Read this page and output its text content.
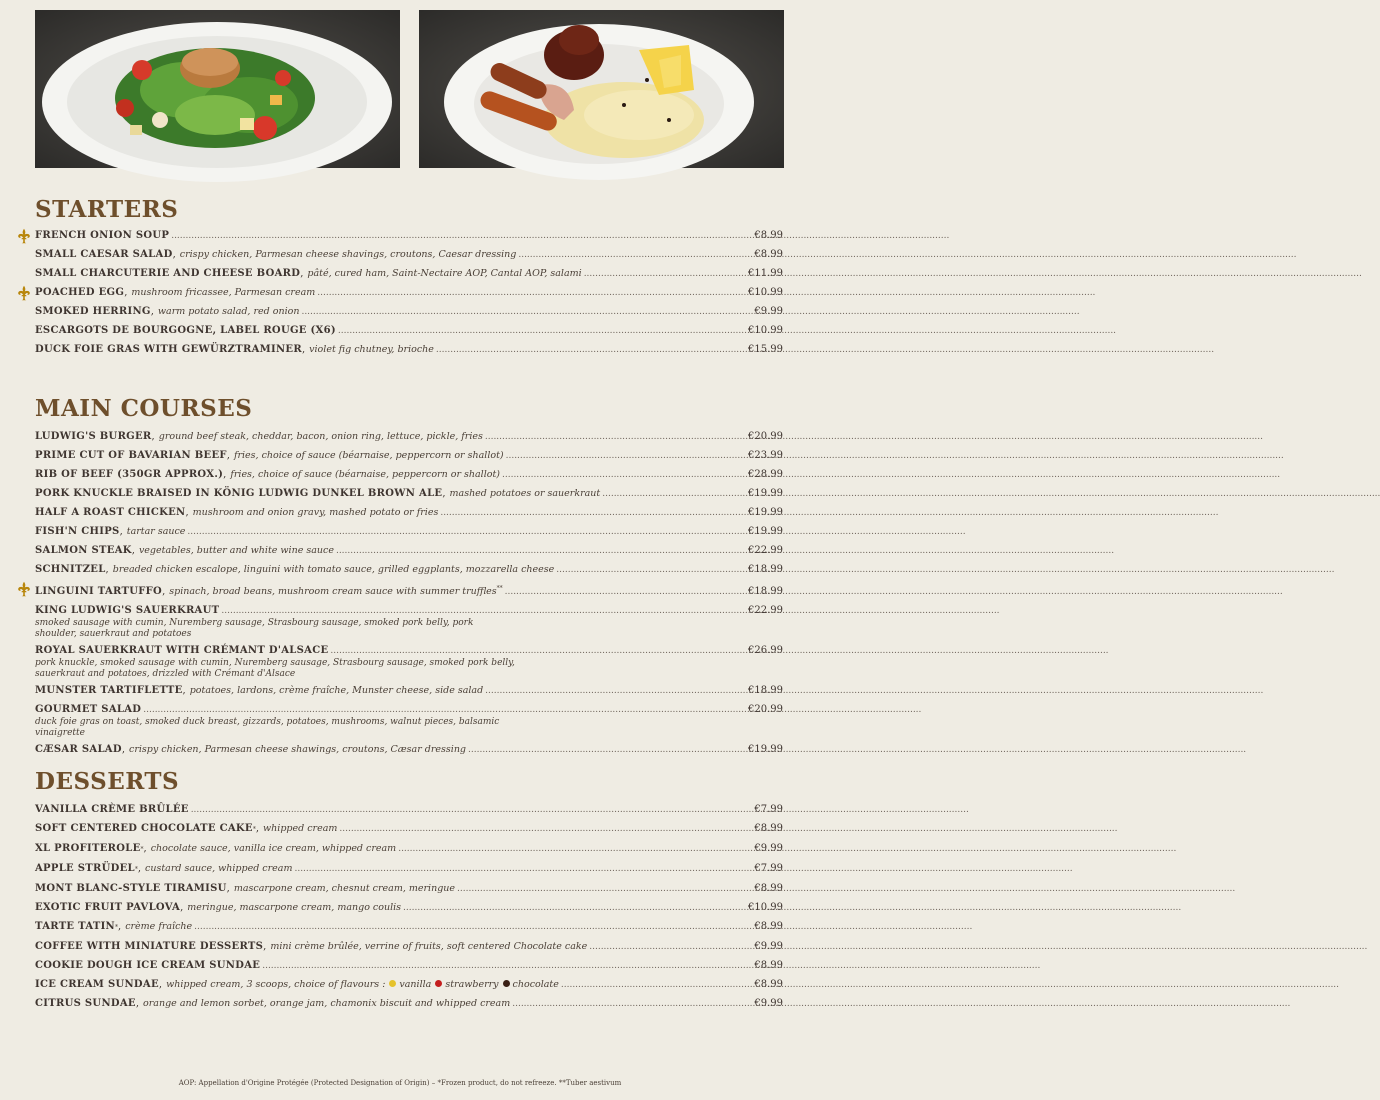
STARTERS
FRENCH ONION SOUP .....	€8.99
SMALL CAESAR SALAD , crispy chicken, Parmesan cheese shavings, croutons, Caesar dressing .....	€8.99
SMALL CHARCUTERIE AND CHEESE BOARD , pâté, cured ham, Saint-Nectaire AOP, Cantal AOP, salami .....	€11.99
POACHED EGG , mushroom fricassee, Parmesan cream .....	€10.99
SMOKED HERRING , warm potato salad, red onion .....	€9.99
ESCARGOTS DE BOURGOGNE, LABEL ROUGE (X6) .....	€10.99
DUCK FOIE GRAS WITH GEWÜRZTRAMINER , violet fig chutney, brioche .....	€15.99
MAIN COURSES
LUDWIG'S BURGER , ground beef steak, cheddar, bacon, onion ring, lettuce, pickle, fries .....	€20.99
PRIME CUT OF BAVARIAN BEEF , fries, choice of sauce (béarnaise, peppercorn or shallot) .....	€23.99
RIB OF BEEF (350GR APPROX.) , fries, choice of sauce (béarnaise, peppercorn or shallot) .....	€28.99
PORK KNUCKLE BRAISED IN KÖNIG LUDWIG DUNKEL BROWN ALE , mashed potatoes or sauerkraut .....	€19.99
HALF A ROAST CHICKEN , mushroom and onion gravy, mashed potato or fries .....	€19.99
FISH'N CHIPS , tartar sauce .....	€19.99
SALMON STEAK , vegetables, butter and white wine sauce .....	€22.99
SCHNITZEL , breaded chicken escalope, linguini with tomato sauce, grilled eggplants, mozzarella cheese .....	€18.99
LINGUINI TARTUFFO , spinach, broad beans, mushroom cream sauce with summer truffles** .....	€18.99
KING LUDWIG'S SAUERKRAUT .....	€22.99
smoked sausage with cumin, Nuremberg sausage, Strasbourg sausage, smoked pork belly, pork shoulder, sauerkraut and potatoes
ROYAL SAUERKRAUT WITH CRÉMANT D'ALSACE .....	€26.99
pork knuckle, smoked sausage with cumin, Nuremberg sausage, Strasbourg sausage, smoked pork belly, sauerkraut and potatoes, drizzled with Crémant d'Alsace
MUNSTER TARTIFLETTE , potatoes, lardons, crème fraîche, Munster cheese, side salad .....	€18.99
GOURMET SALAD .....	€20.99
duck foie gras on toast, smoked duck breast, gizzards, potatoes, mushrooms, walnut pieces, balsamic vinaigrette
CÆSAR SALAD , crispy chicken, Parmesan cheese shawings, croutons, Cæsar dressing .....	€19.99
DESSERTS
VANILLA CRÈME BRÛLÉE .....	€7.99
SOFT CENTERED CHOCOLATE CAKE * , whipped cream .....	€8.99
XL PROFITEROLE * , chocolate sauce, vanilla ice cream, whipped cream .....	€9.99
APPLE STRÜDEL * , custard sauce, whipped cream .....	€7.99
MONT BLANC-STYLE TIRAMISU , mascarpone cream, chesnut cream, meringue .....	€8.99
EXOTIC FRUIT PAVLOVA , meringue, mascarpone cream, mango coulis .....	€10.99
TARTE TATIN * , crème fraîche .....	€8.99
COFFEE WITH MINIATURE DESSERTS , mini crème brûlée, verrine of fruits, soft centered Chocolate cake .....	€9.99
COOKIE DOUGH ICE CREAM SUNDAE .....	€8.99
ICE CREAM SUNDAE , whipped cream, 3 scoops, choice of flavours : vanilla strawberry chocolate .....	€8.99
CITRUS SUNDAE , orange and lemon sorbet, orange jam, chamonix biscuit and whipped cream .....	€9.99
AOP: Appellation d'Origine Protégée (Protected Designation of Origin) – *Frozen product, do not refreeze. **Tuber aestivum
